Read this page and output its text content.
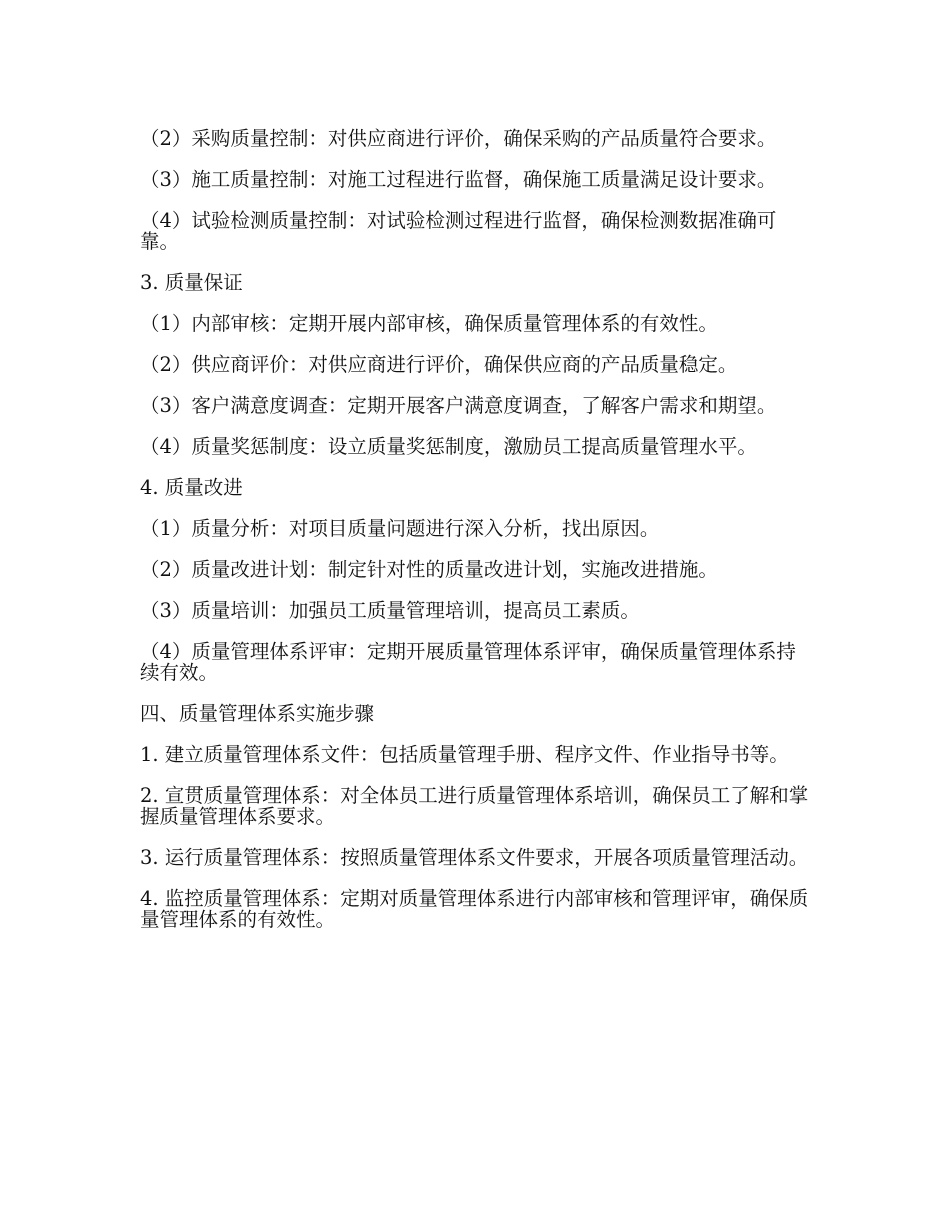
（2）采购质量控制：对供应商进行评价，确保采购的产品质量符合要求。

（3）施工质量控制：对施工过程进行监督，确保施工质量满足设计要求。

（4）试验检测质量控制：对试验检测过程进行监督，确保检测数据准确可靠。

3. 质量保证

（1）内部审核：定期开展内部审核，确保质量管理体系的有效性。

（2）供应商评价：对供应商进行评价，确保供应商的产品质量稳定。

（3）客户满意度调查：定期开展客户满意度调查，了解客户需求和期望。

（4）质量奖惩制度：设立质量奖惩制度，激励员工提高质量管理水平。

4. 质量改进

（1）质量分析：对项目质量问题进行深入分析，找出原因。

（2）质量改进计划：制定针对性的质量改进计划，实施改进措施。

（3）质量培训：加强员工质量管理培训，提高员工素质。

（4）质量管理体系评审：定期开展质量管理体系评审，确保质量管理体系持续有效。

四、质量管理体系实施步骤

1. 建立质量管理体系文件：包括质量管理手册、程序文件、作业指导书等。

2. 宣贯质量管理体系：对全体员工进行质量管理体系培训，确保员工了解和掌握质量管理体系要求。

3. 运行质量管理体系：按照质量管理体系文件要求，开展各项质量管理活动。

4. 监控质量管理体系：定期对质量管理体系进行内部审核和管理评审，确保质量管理体系的有效性。
